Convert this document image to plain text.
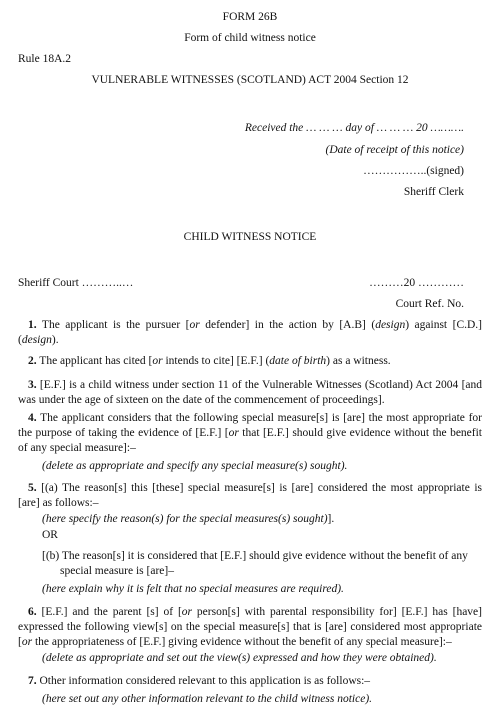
FORM 26B
Form of child witness notice
Rule 18A.2
VULNERABLE WITNESSES (SCOTLAND) ACT 2004 Section 12
Received the … … … day of … … … 20 ……….
(Date of receipt of this notice)
……………..(signed)
Sheriff Clerk
CHILD WITNESS NOTICE
Sheriff Court ………..…	………20 …………
Court Ref. No.
1. The applicant is the pursuer [or defender] in the action by [A.B] (design) against [C.D.] (design).
2. The applicant has cited [or intends to cite] [E.F.] (date of birth) as a witness.
3. [E.F.] is a child witness under section 11 of the Vulnerable Witnesses (Scotland) Act 2004 [and was under the age of sixteen on the date of the commencement of proceedings].
4. The applicant considers that the following special measure[s] is [are] the most appropriate for the purpose of taking the evidence of [E.F.] [or that [E.F.] should give evidence without the benefit of any special measure]:–
(delete as appropriate and specify any special measure(s) sought).
5. [(a) The reason[s] this [these] special measure[s] is [are] considered the most appropriate is [are] as follows:–
(here specify the reason(s) for the special measures(s) sought)].
OR
[(b) The reason[s] it is considered that [E.F.] should give evidence without the benefit of any special measure is [are]–
(here explain why it is felt that no special measures are required).
6. [E.F.] and the parent [s] of [or person[s] with parental responsibility for] [E.F.] has [have] expressed the following view[s] on the special measure[s] that is [are] considered most appropriate [or the appropriateness of [E.F.] giving evidence without the benefit of any special measure]:–
(delete as appropriate and set out the view(s) expressed and how they were obtained).
7. Other information considered relevant to this application is as follows:–
(here set out any other information relevant to the child witness notice).
